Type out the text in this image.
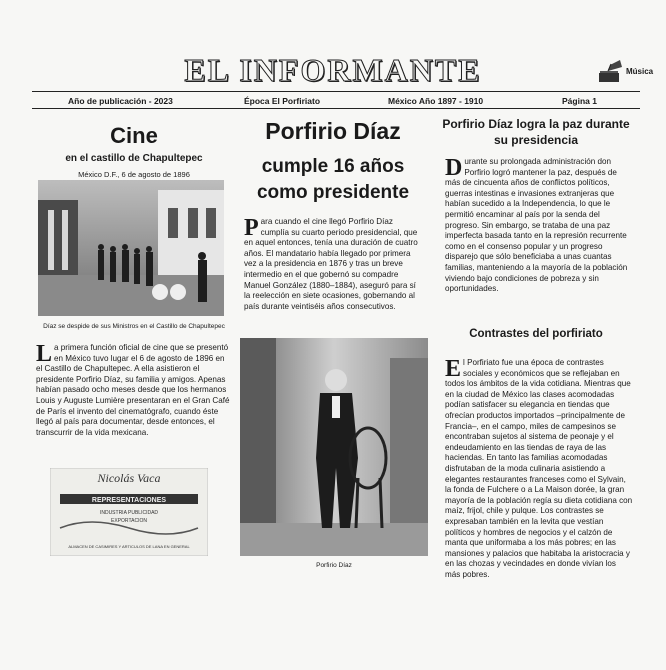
EL INFORMANTE	Música
Año de publicación - 2023	Época El Porfiriato	México Año 1897 - 1910	Página 1
Cine
en el castillo de Chapultepec
México D.F., 6 de agosto de 1896
Díaz se despide de sus Ministros en el Castillo de Chapultepec
La primera función oficial de cine que se presentó en México tuvo lugar el 6 de agosto de 1896 en el Castillo de Chapultepec. A ella asistieron el presidente Porfirio Díaz, su familia y amigos. Apenas habían pasado ocho meses desde que los hermanos Louis y Auguste Lumière presentaran en el Gran Café de París el invento del cinematógrafo, cuando éste llegó al país para documentar, desde entonces, el transcurrir de la vida mexicana.
Nicolás Vaca
REPRESENTACIONES
INDUSTRIA PUBLICIDAD
EXPORTACION
ALMACEN DE CASIMIRES Y ARTICULOS DE LANA EN GENERAL
Porfirio Díaz
cumple 16 años como presidente
Para cuando el cine llegó Porfirio Díaz cumplía su cuarto periodo presidencial, que en aquel entonces, tenía una duración de cuatro años. El mandatario había llegado por primera vez a la presidencia en 1876 y tras un breve intermedio en el que gobernó su compadre Manuel González (1880–1884), aseguró para sí la reelección en siete ocasiones, gobernando al país durante veintiséis años consecutivos.
Porfirio Díaz
Porfirio Díaz logra la paz durante su presidencia
Durante su prolongada administración don Porfirio logró mantener la paz, después de más de cincuenta años de conflictos políticos, guerras intestinas e invasiones extranjeras que habían sucedido a la Independencia, lo que le permitió encaminar al país por la senda del progreso. Sin embargo, se trataba de una paz imperfecta basada tanto en la represión recurrente como en el consenso popular y un progreso disparejo que sólo beneficiaba a unas cuantas familias, manteniendo a la mayoría de la población viviendo bajo condiciones de pobreza y sin oportunidades.
Contrastes del porfiriato
El Porfiriato fue una época de contrastes sociales y económicos que se reflejaban en todos los ámbitos de la vida cotidiana. Mientras que en la ciudad de México las clases acomodadas podían satisfacer su elegancia en tiendas que ofrecían productos importados –principalmente de Francia–, en el campo, miles de campesinos se encontraban sujetos al sistema de peonaje y el endeudamiento en las tiendas de raya de las haciendas. En tanto las familias acomodadas disfrutaban de la moda culinaria asistiendo a elegantes restaurantes franceses como el Sylvain, la fonda de Fulchere o a La Maison dorée, la gran mayoría de la población regía su dieta cotidiana con maíz, frijol, chile y pulque. Los contrastes se expresaban también en la levita que vestían políticos y hombres de negocios y el calzón de manta que uniformaba a los más pobres; en las mansiones y palacios que habitaba la aristocracia y en las chozas y vecindades en donde vivían los más pobres.
